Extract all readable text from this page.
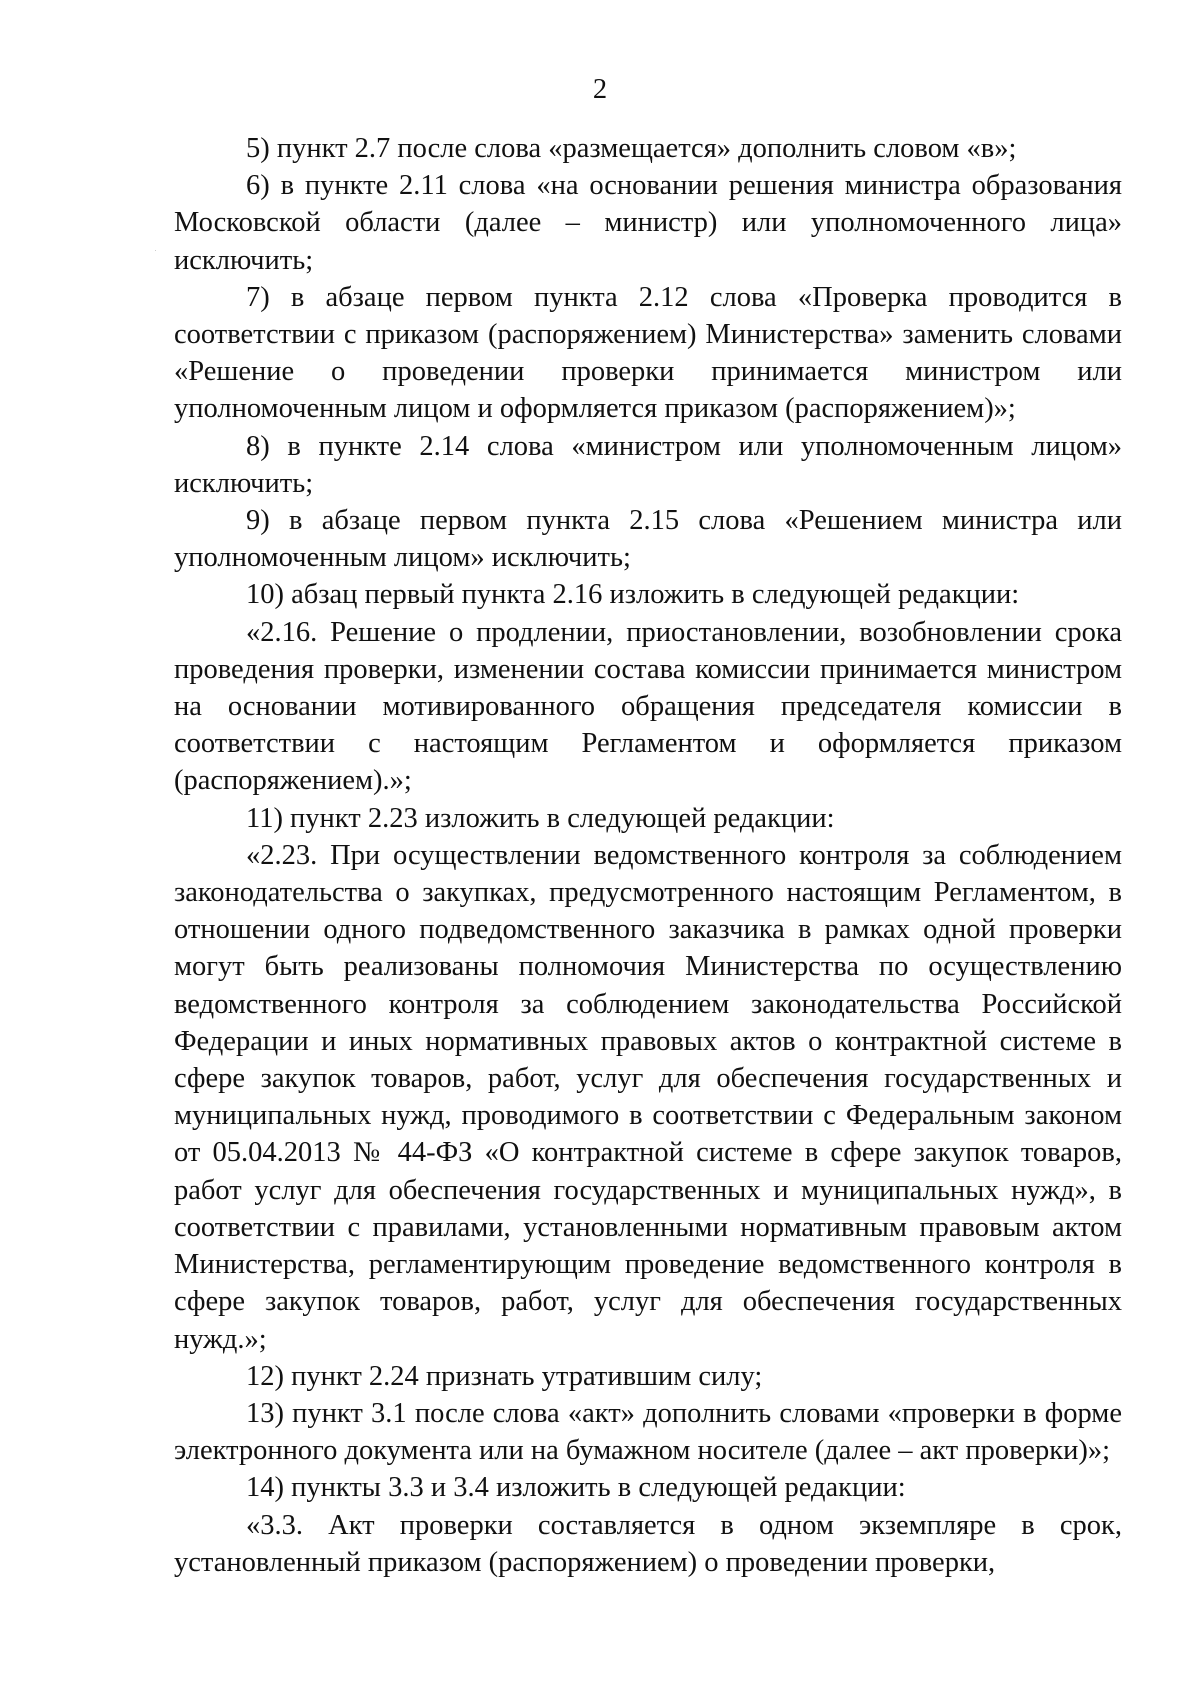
2

5) пункт 2.7 после слова «размещается» дополнить словом «в»;

6) в пункте 2.11 слова «на основании решения министра образования Московской области (далее – министр) или уполномоченного лица» исключить;

7) в абзаце первом пункта 2.12 слова «Проверка проводится в соответствии с приказом (распоряжением) Министерства» заменить словами «Решение о проведении проверки принимается министром или уполномоченным лицом и оформляется приказом (распоряжением)»;

8) в пункте 2.14 слова «министром или уполномоченным лицом» исключить;

9) в абзаце первом пункта 2.15 слова «Решением министра или уполномоченным лицом» исключить;

10) абзац первый пункта 2.16 изложить в следующей редакции:

«2.16. Решение о продлении, приостановлении, возобновлении срока проведения проверки, изменении состава комиссии принимается министром на основании мотивированного обращения председателя комиссии в соответствии с настоящим Регламентом и оформляется приказом (распоряжением).»;

11) пункт 2.23 изложить в следующей редакции:

«2.23. При осуществлении ведомственного контроля за соблюдением законодательства о закупках, предусмотренного настоящим Регламентом, в отношении одного подведомственного заказчика в рамках одной проверки могут быть реализованы полномочия Министерства по осуществлению ведомственного контроля за соблюдением законодательства Российской Федерации и иных нормативных правовых актов о контрактной системе в сфере закупок товаров, работ, услуг для обеспечения государственных и муниципальных нужд, проводимого в соответствии с Федеральным законом от 05.04.2013 № 44-ФЗ «О контрактной системе в сфере закупок товаров, работ услуг для обеспечения государственных и муниципальных нужд», в соответствии с правилами, установленными нормативным правовым актом Министерства, регламентирующим проведение ведомственного контроля в сфере закупок товаров, работ, услуг для обеспечения государственных нужд.»;

12) пункт 2.24 признать утратившим силу;

13) пункт 3.1 после слова «акт» дополнить словами «проверки в форме электронного документа или на бумажном носителе (далее – акт проверки)»;

14) пункты 3.3 и 3.4 изложить в следующей редакции:

«3.3. Акт проверки составляется в одном экземпляре в срок, установленный приказом (распоряжением) о проведении проверки,
